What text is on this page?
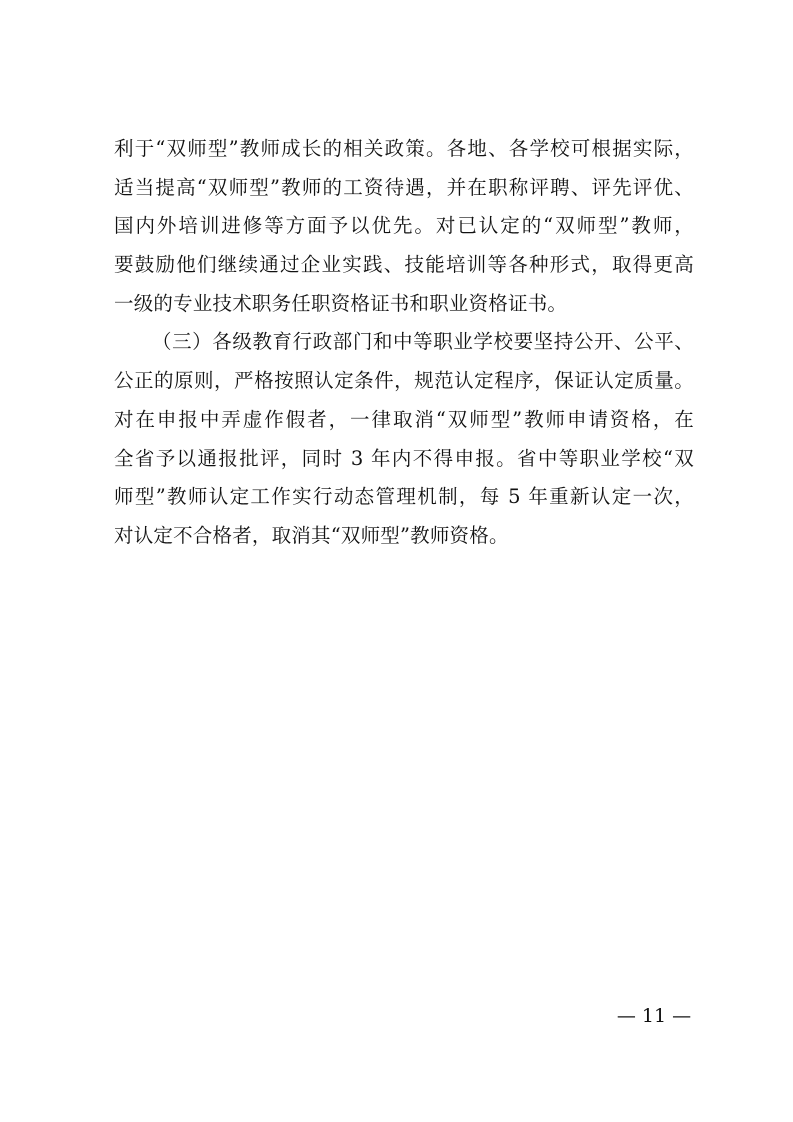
利于“双师型”教师成长的相关政策。各地、各学校可根据实际，
适当提高“双师型”教师的工资待遇，并在职称评聘、评先评优、
国内外培训进修等方面予以优先。对已认定的“双师型”教师，
要鼓励他们继续通过企业实践、技能培训等各种形式，取得更高
一级的专业技术职务任职资格证书和职业资格证书。
（三）各级教育行政部门和中等职业学校要坚持公开、公平、
公正的原则，严格按照认定条件，规范认定程序，保证认定质量。
对在申报中弄虚作假者，一律取消“双师型”教师申请资格，在
全省予以通报批评，同时 3 年内不得申报。省中等职业学校“双
师型”教师认定工作实行动态管理机制，每 5 年重新认定一次，
对认定不合格者，取消其“双师型”教师资格。
— 11 —
